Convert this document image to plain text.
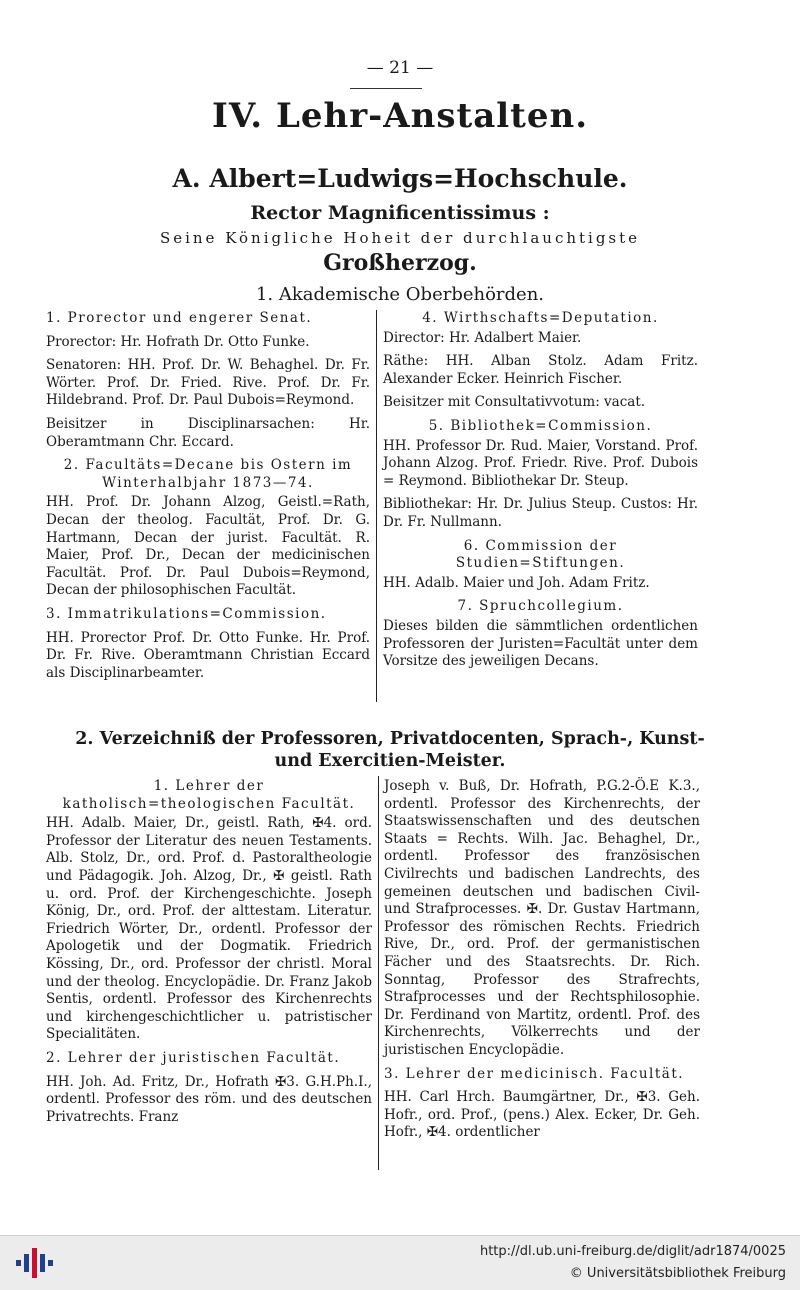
— 21 —
IV. Lehr-Anstalten.
A. Albert=Ludwigs=Hochschule.
Rector Magnificentissimus :
Seine Königliche Hoheit der durchlauchtigste
Großherzog.
1. Akademische Oberbehörden.

1. Prorector und engerer Senat.

Prorector: Hr. Hofrath Dr. Otto Funke.

Senatoren: HH. Prof. Dr. W. Behaghel. Dr. Fr. Wörter. Prof. Dr. Fried. Rive. Prof. Dr. Fr. Hildebrand. Prof. Dr. Paul Dubois=Reymond.

Beisitzer in Disciplinarsachen: Hr. Oberamtmann Chr. Eccard.

2. Facultäts=Decane bis Ostern im Winterhalbjahr 1873—74.

HH. Prof. Dr. Johann Alzog, Geistl.=Rath, Decan der theolog. Facultät, Prof. Dr. G. Hartmann, Decan der jurist. Facultät. R. Maier, Prof. Dr., Decan der medicinischen Facultät. Prof. Dr. Paul Dubois=Reymond, Decan der philosophischen Facultät.

3. Immatrikulations=Commission.

HH. Prorector Prof. Dr. Otto Funke. Hr. Prof. Dr. Fr. Rive. Oberamtmann Christian Eccard als Disciplinarbeamter.

4. Wirthschafts=Deputation.

Director: Hr. Adalbert Maier.

Räthe: HH. Alban Stolz. Adam Fritz. Alexander Ecker. Heinrich Fischer.

Beisitzer mit Consultativvotum: vacat.

5. Bibliothek=Commission.

HH. Professor Dr. Rud. Maier, Vorstand. Prof. Johann Alzog. Prof. Friedr. Rive. Prof. Dubois = Reymond. Bibliothekar Dr. Steup.

Bibliothekar: Hr. Dr. Julius Steup. Custos: Hr. Dr. Fr. Nullmann.

6. Commission der Studien=Stiftungen.

HH. Adalb. Maier und Joh. Adam Fritz.

7. Spruchcollegium.

Dieses bilden die sämmtlichen ordentlichen Professoren der Juristen=Facultät unter dem Vorsitze des jeweiligen Decans.

2. Verzeichniß der Professoren, Privatdocenten, Sprach-, Kunst- und Exercitien-Meister.

1. Lehrer der katholisch=theologischen Facultät.

HH. Adalb. Maier, Dr., geistl. Rath, ✠4. ord. Professor der Literatur des neuen Testaments. Alb. Stolz, Dr., ord. Prof. d. Pastoraltheologie und Pädagogik. Joh. Alzog, Dr., ✠ geistl. Rath u. ord. Prof. der Kirchengeschichte. Joseph König, Dr., ord. Prof. der alttestam. Literatur. Friedrich Wörter, Dr., ordentl. Professor der Apologetik und der Dogmatik. Friedrich Kössing, Dr., ord. Professor der christl. Moral und der theolog. Encyclopädie. Dr. Franz Jakob Sentis, ordentl. Professor des Kirchenrechts und kirchengeschichtlicher u. patristischer Specialitäten.

2. Lehrer der juristischen Facultät.

HH. Joh. Ad. Fritz, Dr., Hofrath ✠3. G.H.Ph.I., ordentl. Professor des röm. und des deutschen Privatrechts. Franz

Joseph v. Buß, Dr. Hofrath, P.G.2-Ö.E K.3., ordentl. Professor des Kirchenrechts, der Staatswissenschaften und des deutschen Staats = Rechts. Wilh. Jac. Behaghel, Dr., ordentl. Professor des französischen Civilrechts und badischen Landrechts, des gemeinen deutschen und badischen Civil- und Strafprocesses. ✠. Dr. Gustav Hartmann, Professor des römischen Rechts. Friedrich Rive, Dr., ord. Prof. der germanistischen Fächer und des Staatsrechts. Dr. Rich. Sonntag, Professor des Strafrechts, Strafprocesses und der Rechtsphilosophie. Dr. Ferdinand von Martitz, ordentl. Prof. des Kirchenrechts, Völkerrechts und der juristischen Encyclopädie.

3. Lehrer der medicinisch. Facultät.

HH. Carl Hrch. Baumgärtner, Dr., ✠3. Geh. Hofr., ord. Prof., (pens.) Alex. Ecker, Dr. Geh. Hofr., ✠4. ordentlicher

http://dl.ub.uni-freiburg.de/diglit/adr1874/0025
© Universitätsbibliothek Freiburg
